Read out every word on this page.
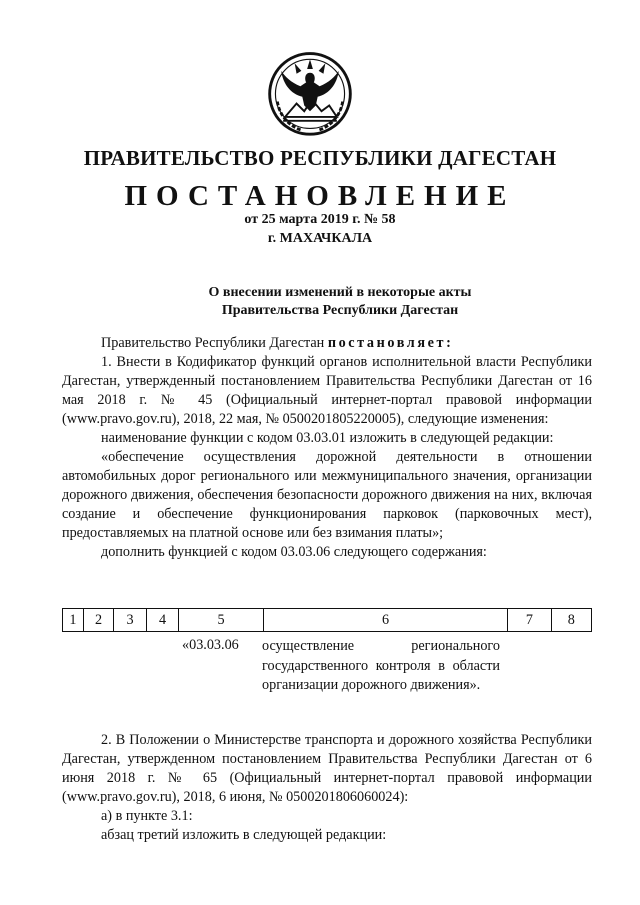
ПРАВИТЕЛЬСТВО РЕСПУБЛИКИ ДАГЕСТАН
ПОСТАНОВЛЕНИЕ
от 25 марта 2019 г. № 58
г. МАХАЧКАЛА
О внесении изменений в некоторые акты
Правительства Республики Дагестан

Правительство Республики Дагестан постановляет:

1. Внести в Кодификатор функций органов исполнительной власти Республики Дагестан, утвержденный постановлением Правительства Республики Дагестан от 16 мая 2018 г. № 45 (Официальный интернет-портал правовой информации (www.pravo.gov.ru), 2018, 22 мая, № 0500201805220005), следующие изменения:

наименование функции с кодом 03.03.01 изложить в следующей редакции:

«обеспечение осуществления дорожной деятельности в отношении автомобильных дорог регионального или межмуниципального значения, организации дорожного движения, обеспечения безопасности дорожного движения на них, включая создание и обеспечение функционирования парковок (парковочных мест), предоставляемых на платной основе или без взимания платы»;

дополнить функцией с кодом 03.03.06 следующего содержания:

1	2	3	4	5	6	7	8
«03.03.06 осуществление регионального государственного контроля в области организации дорожного движения».

2. В Положении о Министерстве транспорта и дорожного хозяйства Республики Дагестан, утвержденном постановлением Правительства Республики Дагестан от 6 июня 2018 г. № 65 (Официальный интернет-портал правовой информации (www.pravo.gov.ru), 2018, 6 июня, № 0500201806060024):

а) в пункте 3.1:

абзац третий изложить в следующей редакции:
